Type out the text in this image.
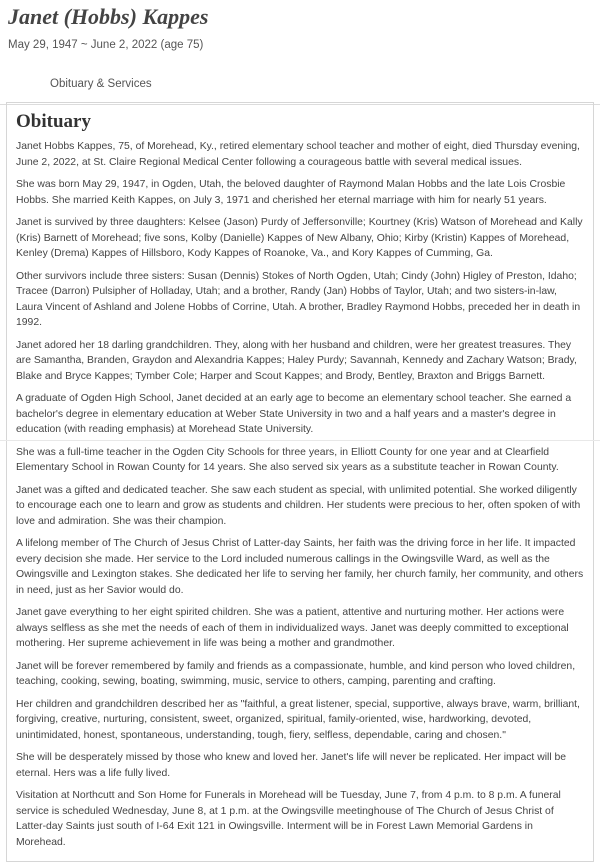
Janet (Hobbs) Kappes
May 29, 1947 ~ June 2, 2022 (age 75)
Obituary & Services
Obituary

Janet Hobbs Kappes, 75, of Morehead, Ky., retired elementary school teacher and mother of eight, died Thursday evening, June 2, 2022, at St. Claire Regional Medical Center following a courageous battle with several medical issues.

She was born May 29, 1947, in Ogden, Utah, the beloved daughter of Raymond Malan Hobbs and the late Lois Crosbie Hobbs. She married Keith Kappes, on July 3, 1971 and cherished her eternal marriage with him for nearly 51 years.

Janet is survived by three daughters: Kelsee (Jason) Purdy of Jeffersonville; Kourtney (Kris) Watson of Morehead and Kally (Kris) Barnett of Morehead; five sons, Kolby (Danielle) Kappes of New Albany, Ohio; Kirby (Kristin) Kappes of Morehead, Kenley (Drema) Kappes of Hillsboro, Kody Kappes of Roanoke, Va., and Kory Kappes of Cumming, Ga.

Other survivors include three sisters: Susan (Dennis) Stokes of North Ogden, Utah; Cindy (John) Higley of Preston, Idaho; Tracee (Darron) Pulsipher of Holladay, Utah; and a brother, Randy (Jan) Hobbs of Taylor, Utah; and two sisters-in-law, Laura Vincent of Ashland and Jolene Hobbs of Corrine, Utah. A brother, Bradley Raymond Hobbs, preceded her in death in 1992.

Janet adored her 18 darling grandchildren. They, along with her husband and children, were her greatest treasures. They are Samantha, Branden, Graydon and Alexandria Kappes; Haley Purdy; Savannah, Kennedy and Zachary Watson; Brady, Blake and Bryce Kappes; Tymber Cole; Harper and Scout Kappes; and Brody, Bentley, Braxton and Briggs Barnett.

A graduate of Ogden High School, Janet decided at an early age to become an elementary school teacher. She earned a bachelor's degree in elementary education at Weber State University in two and a half years and a master's degree in education (with reading emphasis) at Morehead State University.

She was a full-time teacher in the Ogden City Schools for three years, in Elliott County for one year and at Clearfield Elementary School in Rowan County for 14 years. She also served six years as a substitute teacher in Rowan County.

Janet was a gifted and dedicated teacher. She saw each student as special, with unlimited potential. She worked diligently to encourage each one to learn and grow as students and children. Her students were precious to her, often spoken of with love and admiration. She was their champion.

A lifelong member of The Church of Jesus Christ of Latter-day Saints, her faith was the driving force in her life. It impacted every decision she made. Her service to the Lord included numerous callings in the Owingsville Ward, as well as the Owingsville and Lexington stakes. She dedicated her life to serving her family, her church family, her community, and others in need, just as her Savior would do.

Janet gave everything to her eight spirited children. She was a patient, attentive and nurturing mother. Her actions were always selfless as she met the needs of each of them in individualized ways. Janet was deeply committed to exceptional mothering. Her supreme achievement in life was being a mother and grandmother.

Janet will be forever remembered by family and friends as a compassionate, humble, and kind person who loved children, teaching, cooking, sewing, boating, swimming, music, service to others, camping, parenting and crafting.

Her children and grandchildren described her as "faithful, a great listener, special, supportive, always brave, warm, brilliant, forgiving, creative, nurturing, consistent, sweet, organized, spiritual, family-oriented, wise, hardworking, devoted, unintimidated, honest, spontaneous, understanding, tough, fiery, selfless, dependable, caring and chosen."

She will be desperately missed by those who knew and loved her. Janet's life will never be replicated. Her impact will be eternal. Hers was a life fully lived.

Visitation at Northcutt and Son Home for Funerals in Morehead will be Tuesday, June 7, from 4 p.m. to 8 p.m. A funeral service is scheduled Wednesday, June 8, at 1 p.m. at the Owingsville meetinghouse of The Church of Jesus Christ of Latter-day Saints just south of I-64 Exit 121 in Owingsville. Interment will be in Forest Lawn Memorial Gardens in Morehead.
